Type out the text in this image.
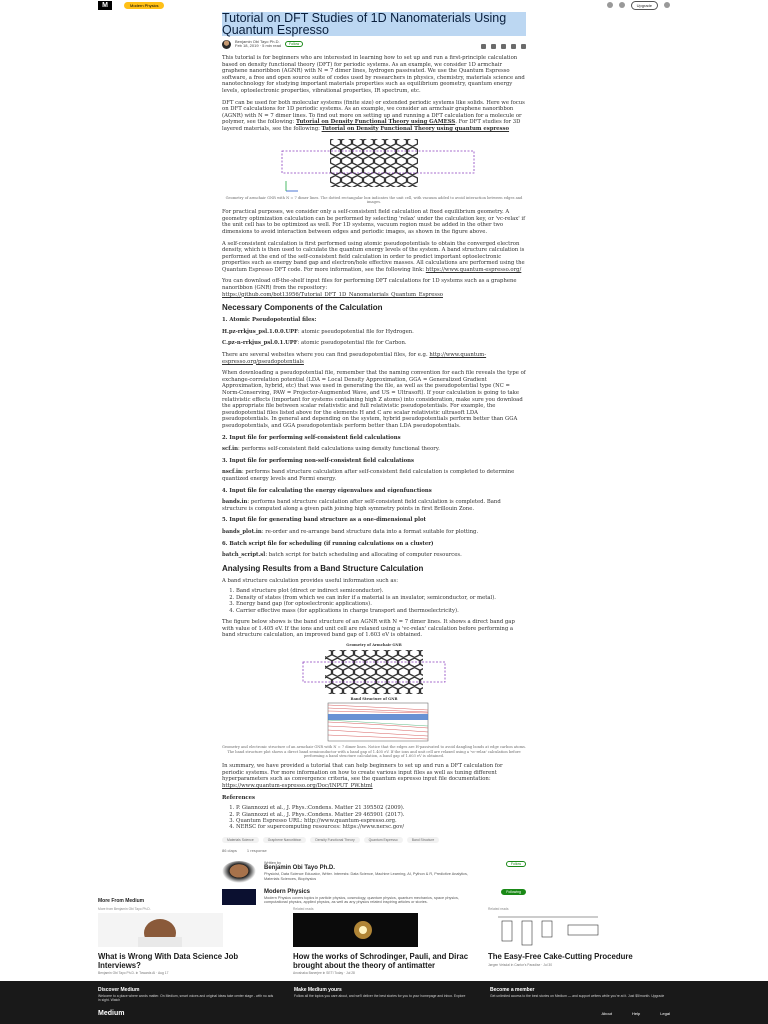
M	Modern Physics	Upgrade
Tutorial on DFT Studies of 1D Nanomaterials Using Quantum Espresso
Benjamin Obi Tayo Ph.D.
Feb 18, 2019 · 5 min read	Follow

This tutorial is for beginners who are interested in learning how to set up and run a first-principle calculation based on density functional theory (DFT) for periodic systems. As an example, we consider 1D armchair graphene nanoribbon (AGNR) with N = 7 dimer lines, hydrogen passivated. We use the Quantum Espresso software, a free and open source suite of codes used by researchers in physics, chemistry, materials science and nanotechnology for studying important materials properties such as equilibrium geometry, quantum energy levels, optoelectronic properties, vibrational properties, IR spectrum, etc.

DFT can be used for both molecular systems (finite size) or extended periodic systems like solids. Here we focus on DFT calculations for 1D periodic systems. As an example, we consider an armchair graphene nanoribbon (AGNR) with N = 7 dimer lines. To find out more on setting up and running a DFT calculation for a molecule or polymer, see the following: Tutorial on Density Functional Theory using GAMESS. For DFT studies for 3D layered materials, see the following: Tutorial on Density Functional Theory using quantum espresso

Geometry of armchair GNR with N = 7 dimer lines. The dotted rectangular box indicates the unit cell, with vacuum added to avoid interaction between edges and images.

For practical purposes, we consider only a self-consistent field calculation at fixed equilibrium geometry. A geometry optimization calculation can be performed by selecting 'relax' under the calculation key, or 'vc-relax' if the unit cell has to be optimized as well. For 1D systems, vacuum region must be added in the other two dimensions to avoid interaction between edges and periodic images, as shown in the figure above.

A self-consistent calculation is first performed using atomic pseudopotentials to obtain the converged electron density, which is then used to calculate the quantum energy levels of the system. A band structure calculation is performed at the end of the self-consistent field calculation in order to predict important optoelectronic properties such as energy band gap and electron/hole effective masses. All calculations are performed using the Quantum Espresso DFT code. For more information, see the following link: https://www.quantum-espresso.org/

You can download off-the-shelf input files for performing DFT calculations for 1D systems such as a graphene nanoribbon (GNR) from the repository: https://github.com/bot13956/Tutorial_DFT_1D_Nanomaterials_Quantum_Espresso

Necessary Components of the Calculation
1. Atomic Pseudopotential files:

H.pz-rrkjus_psl.1.0.0.UPF: atomic pseudopotential file for Hydrogen.

C.pz-n-rrkjus_psl.0.1.UPF: atomic pseudopotential file for Carbon.

There are several websites where you can find pseudopotential files, for e.g. http://www.quantum-espresso.org/pseudopotentials

When downloading a pseudopotential file, remember that the naming convention for each file reveals the type of exchange-correlation potential (LDA = Local Density Approximation, GGA = Generalized Gradient Approximation, hybrid, etc) that was used in generating the file, as well as the pseudopotential type (NC = Norm-Conserving, PAW = Projector-Augmented Wave, and US = Ultrasoft). If your calculation is going to take relativistic effects (important for systems containing high Z atoms) into consideration, make sure you download the appropriate file between scalar relativistic and full relativistic pseudopotentials. For example, the pseudopotential files listed above for the elements H and C are scalar relativistic ultrasoft LDA pseudopotentials. In general and depending on the system, hybrid pseudopotentials perform better than GGA pseudopotentials, and GGA pseudopotentials perform better than LDA pseudopotentials.

2. Input file for performing self-consistent field calculations

scf.in: performs self-consistent field calculations using density functional theory.

3. Input file for performing non-self-consistent field calculations

nscf.in: performs band structure calculation after self-consistent field calculation is completed to determine quantized energy levels and Fermi energy.

4. Input file for calculating the energy eigenvalues and eigenfunctions

bands.in: performs band structure calculation after self-consistent field calculation is completed. Band structure is computed along a given path joining high symmetry points in first Brillouin Zone.

5. Input file for generating band structure as a one-dimensional plot

bands_plot.in: re-order and re-arrange band structure data into a format suitable for plotting.

6. Batch script file for scheduling (if running calculations on a cluster)

batch_script.sl: batch script for batch scheduling and allocating of computer resources.

Analysing Results from a Band Structure Calculation

A band structure calculation provides useful information such as:

1. Band structure plot (direct or indirect semiconductor).
2. Density of states (from which we can infer if a material is an insulator, semiconductor, or metal).
3. Energy band gap (for optoelectronic applications).
4. Carrier effective mass (for applications in charge transport and thermoelectricity).

The figure below shows is the band structure of an AGNR with N = 7 dimer lines. It shows a direct band gap with value of 1.405 eV. If the ions and unit cell are relaxed using a 'vc-relax' calculation before performing a band structure calculation, an improved band gap of 1.603 eV is obtained.

Geometry of Armchair GNR
Band Structure of GNR
Geometry and electronic structure of an armchair GNR with N = 7 dimer lines. Notice that the edges are H-passivated to avoid dangling bonds at edge carbon atoms. The band structure plot shows a direct band semiconductor with a band gap of 1.405 eV. If the ions and unit cell are relaxed using a 'vc-relax' calculation before performing a band structure calculation, a band gap of 1.603 eV is obtained.

In summary, we have provided a tutorial that can help beginners to set up and run a DFT calculation for periodic systems. For more information on how to create various input files as well as tuning different hyperparameters such as convergence criteria, see the quantum espresso input file documentation: https://www.quantum-espresso.org/Doc/INPUT_PW.html

References
1. P. Giannozzi et al., J. Phys.:Condens. Matter 21 395502 (2009).
2. P. Giannozzi et al., J. Phys.:Condens. Matter 29 465901 (2017).
3. Quantum Espresso URL: http://www.quantum-espresso.org.
4. NERSC for supercomputing resources: https://www.nersc.gov/
Materials Science	Graphene Nanoribbon	Density Functional Theory	Quantum Espresso	Band Structure
86 claps	1 response
Written by
Benjamin Obi Tayo Ph.D.
Physicist, Data Science Educator, Writer. Interests: Data Science, Machine Learning, AI, Python & R, Predictive Analytics, Materials Sciences, Biophysics
Follow
Modern Physics
Modern Physics covers topics in particle physics, cosmology, quantum physics, quantum mechanics, space physics, computational physics, applied physics, as well as any physics related inspiring articles or stories.
Following
More From Medium
More from Benjamin Obi Tayo Ph.D.
What is Wrong With Data Science Job Interviews?
Benjamin Obi Tayo Ph.D. in Towards AI · Aug 17
Related reads
How the works of Schrodinger, Pauli, and Dirac brought about the theory of antimatter
Anoshaka Banerjee in SETI Today · Jul 28
Related reads
The Easy-Free Cake-Cutting Procedure
Jørgen Veisdal in Cantor's Paradise · Jul 30
Discover Medium
Welcome to a place where words matter. On Medium, smart voices and original ideas take center stage - with no ads in sight. Watch
Make Medium yours
Follow all the topics you care about, and we'll deliver the best stories for you to your homepage and inbox. Explore
Become a member
Get unlimited access to the best stories on Medium — and support writers while you're at it. Just $5/month. Upgrade
Medium	About	Help	Legal
